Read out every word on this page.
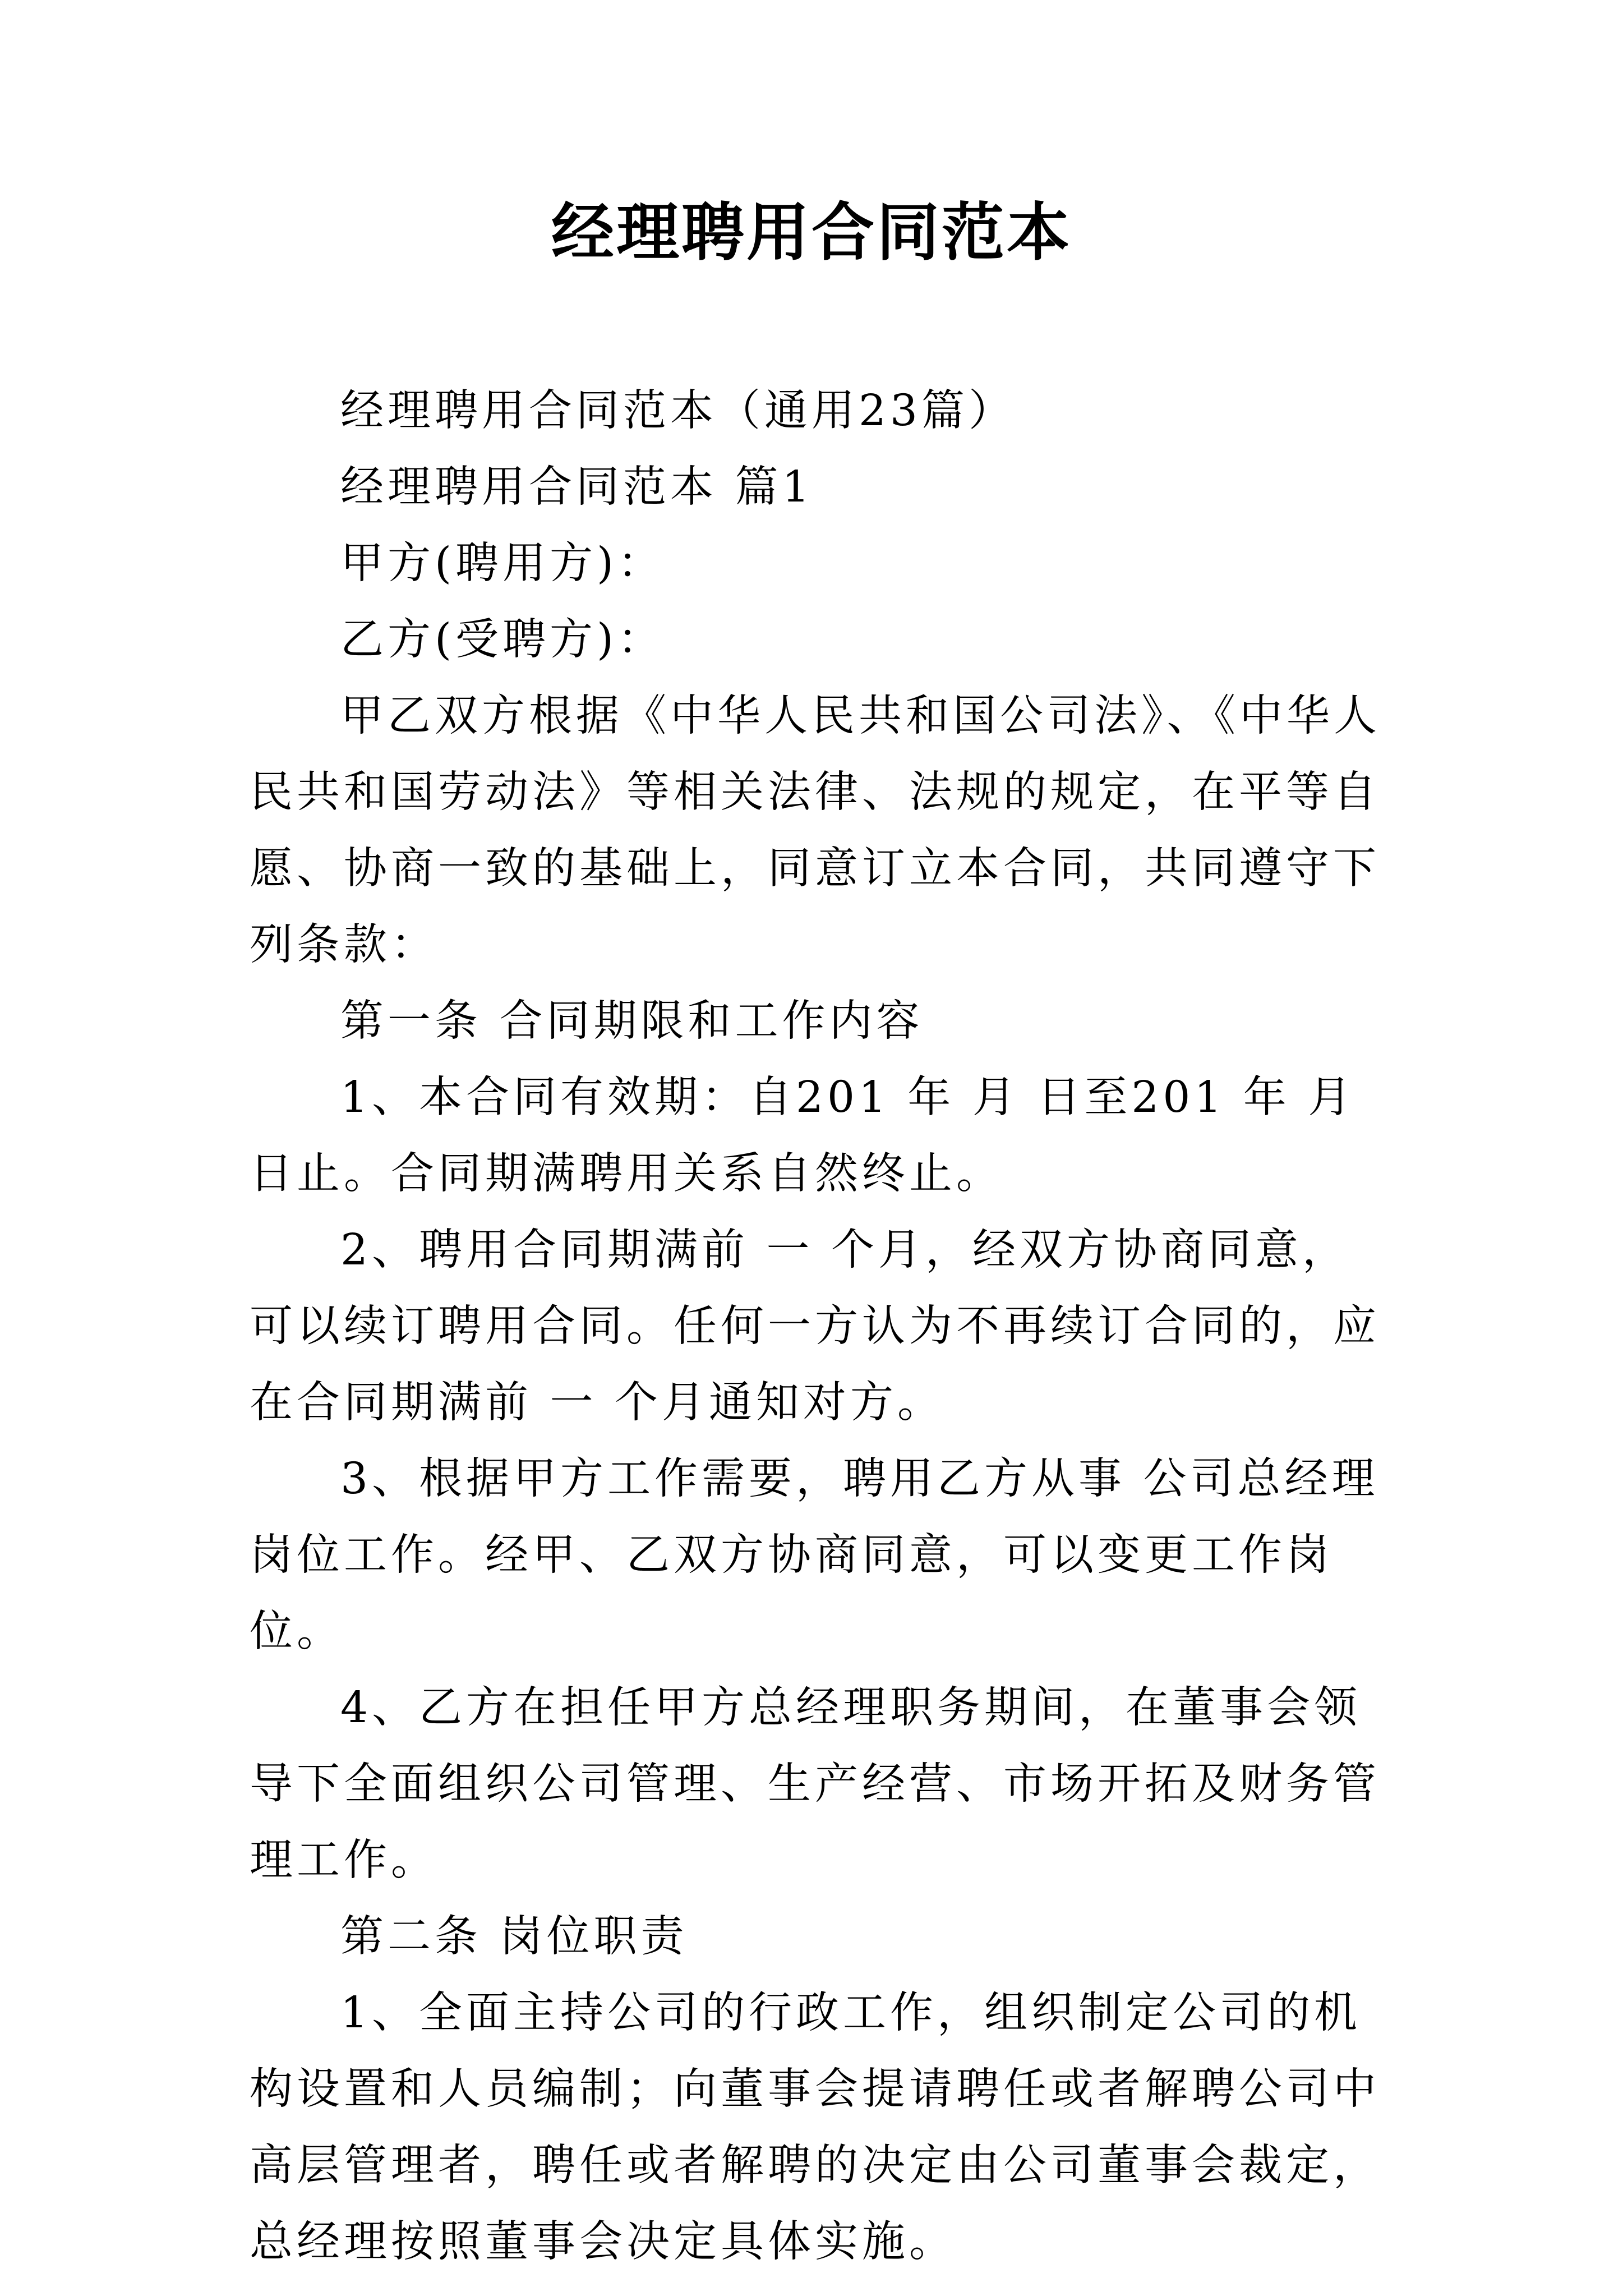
经理聘用合同范本

经理聘用合同范本（通用23篇）

经理聘用合同范本 篇1

甲方(聘用方)：

乙方(受聘方)：

甲乙双方根据《中华人民共和国公司法》、《中华人民共和国劳动法》等相关法律、法规的规定，在平等自愿、协商一致的基础上，同意订立本合同，共同遵守下列条款：

第一条 合同期限和工作内容

1、本合同有效期：自201 年 月 日至201 年 月 日止。合同期满聘用关系自然终止。

2、聘用合同期满前 一 个月，经双方协商同意，可以续订聘用合同。任何一方认为不再续订合同的，应在合同期满前 一 个月通知对方。

3、根据甲方工作需要，聘用乙方从事 公司总经理岗位工作。经甲、乙双方协商同意，可以变更工作岗位。

4、乙方在担任甲方总经理职务期间，在董事会领导下全面组织公司管理、生产经营、市场开拓及财务管理工作。

第二条 岗位职责

1、全面主持公司的行政工作，组织制定公司的机构设置和人员编制；向董事会提请聘任或者解聘公司中高层管理者，聘任或者解聘的决定由公司董事会裁定，总经理按照董事会决定具体实施。
